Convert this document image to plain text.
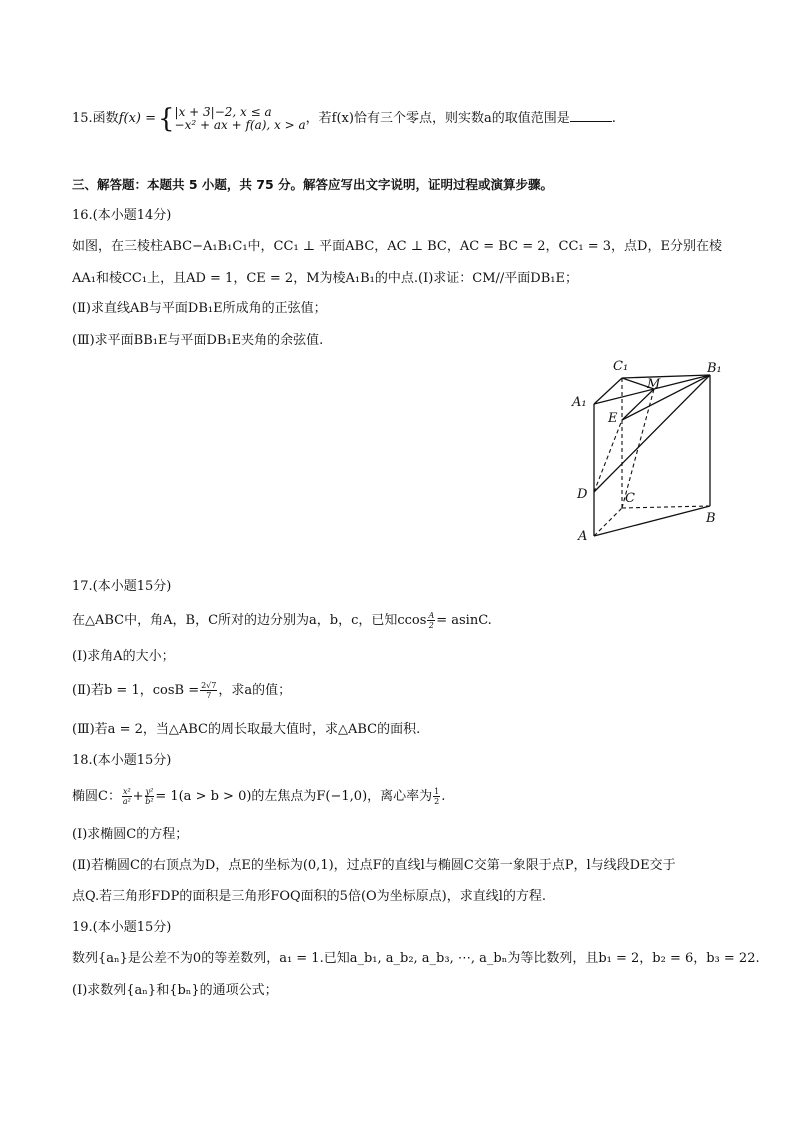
15.函数f(x) ={ |x + 3|−2, x ≤ a
−x² + ax + f(a), x > a ，若f(x)恰有三个零点，则实数a的取值范围是	.
三、解答题：本题共 5 小题，共 75 分。解答应写出文字说明，证明过程或演算步骤。
16.(本小题14分)
如图，在三棱柱ABC−A₁B₁C₁中，CC₁ ⊥ 平面ABC，AC ⊥ BC，AC = BC = 2，CC₁ = 3，点D，E分别在棱
AA₁和棱CC₁上，且AD = 1，CE = 2，M为棱A₁B₁的中点.(I)求证：CM//平面DB₁E；
(Ⅱ)求直线AB与平面DB₁E所成角的正弦值；
(Ⅲ)求平面BB₁E与平面DB₁E夹角的余弦值.
C₁
M
B₁
A₁
E
D	C
B
A
17.(本小题15分)
在△ABC中，角A，B，C所对的边分别为a，b，c，已知ccos $\frac{A}{2} = asinC$.
(I)求角A的大小；
(Ⅱ)若b = 1，$\cos B = \frac{2√7}{7}$ ，求a的值；
(Ⅲ)若a = 2，当△ABC的周长取最大值时，求△ABC的面积.
18.(本小题15分)
椭圆C： $\frac{\text{x²}}{\text{a²}} + \frac{\text{y²}}{\text{b²}} = 1(a > b > 0)$的左焦点为F(−1,0)，离心率为 $\frac{1}{2}$ .
(Ⅰ)求椭圆C的方程；
(Ⅱ)若椭圆C的右顶点为D，点E的坐标为(0,1)，过点F的直线l与椭圆C交第一象限于点P，l与线段DE交于
点Q.若三角形FDP的面积是三角形FOQ面积的5倍(O为坐标原点)，求直线l的方程.
19.(本小题15分)
数列{aₙ}是公差不为0的等差数列，a₁ = 1.已知a_b₁, a_b₂, a_b₃, ⋯, a_bₙ为等比数列，且b₁ = 2，b₂ = 6，b₃ = 22.
(Ⅰ)求数列{aₙ}和{bₙ}的通项公式；
